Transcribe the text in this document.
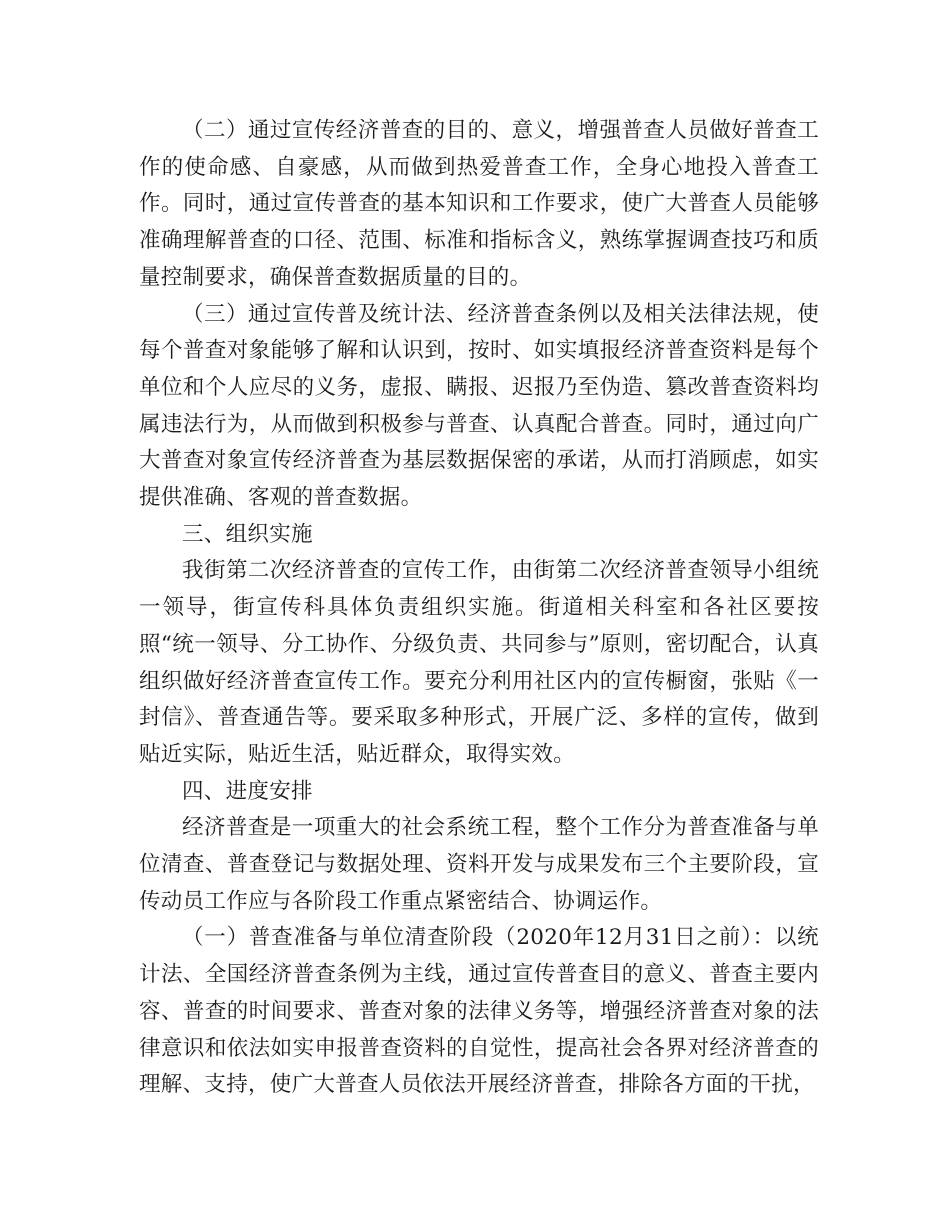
（二）通过宣传经济普查的目的、意义，增强普查人员做好普查工作的使命感、自豪感，从而做到热爱普查工作，全身心地投入普查工作。同时，通过宣传普查的基本知识和工作要求，使广大普查人员能够准确理解普查的口径、范围、标准和指标含义，熟练掌握调查技巧和质量控制要求，确保普查数据质量的目的。

（三）通过宣传普及统计法、经济普查条例以及相关法律法规，使每个普查对象能够了解和认识到，按时、如实填报经济普查资料是每个单位和个人应尽的义务，虚报、瞒报、迟报乃至伪造、篡改普查资料均属违法行为，从而做到积极参与普查、认真配合普查。同时，通过向广大普查对象宣传经济普查为基层数据保密的承诺，从而打消顾虑，如实提供准确、客观的普查数据。

三、组织实施

我街第二次经济普查的宣传工作，由街第二次经济普查领导小组统一领导，街宣传科具体负责组织实施。街道相关科室和各社区要按照“统一领导、分工协作、分级负责、共同参与”原则，密切配合，认真组织做好经济普查宣传工作。要充分利用社区内的宣传橱窗，张贴《一封信》、普查通告等。要采取多种形式，开展广泛、多样的宣传，做到贴近实际，贴近生活，贴近群众，取得实效。

四、进度安排

经济普查是一项重大的社会系统工程，整个工作分为普查准备与单位清查、普查登记与数据处理、资料开发与成果发布三个主要阶段，宣传动员工作应与各阶段工作重点紧密结合、协调运作。

（一）普查准备与单位清查阶段（2020年12月31日之前）：以统计法、全国经济普查条例为主线，通过宣传普查目的意义、普查主要内容、普查的时间要求、普查对象的法律义务等，增强经济普查对象的法律意识和依法如实申报普查资料的自觉性，提高社会各界对经济普查的理解、支持，使广大普查人员依法开展经济普查，排除各方面的干扰，
